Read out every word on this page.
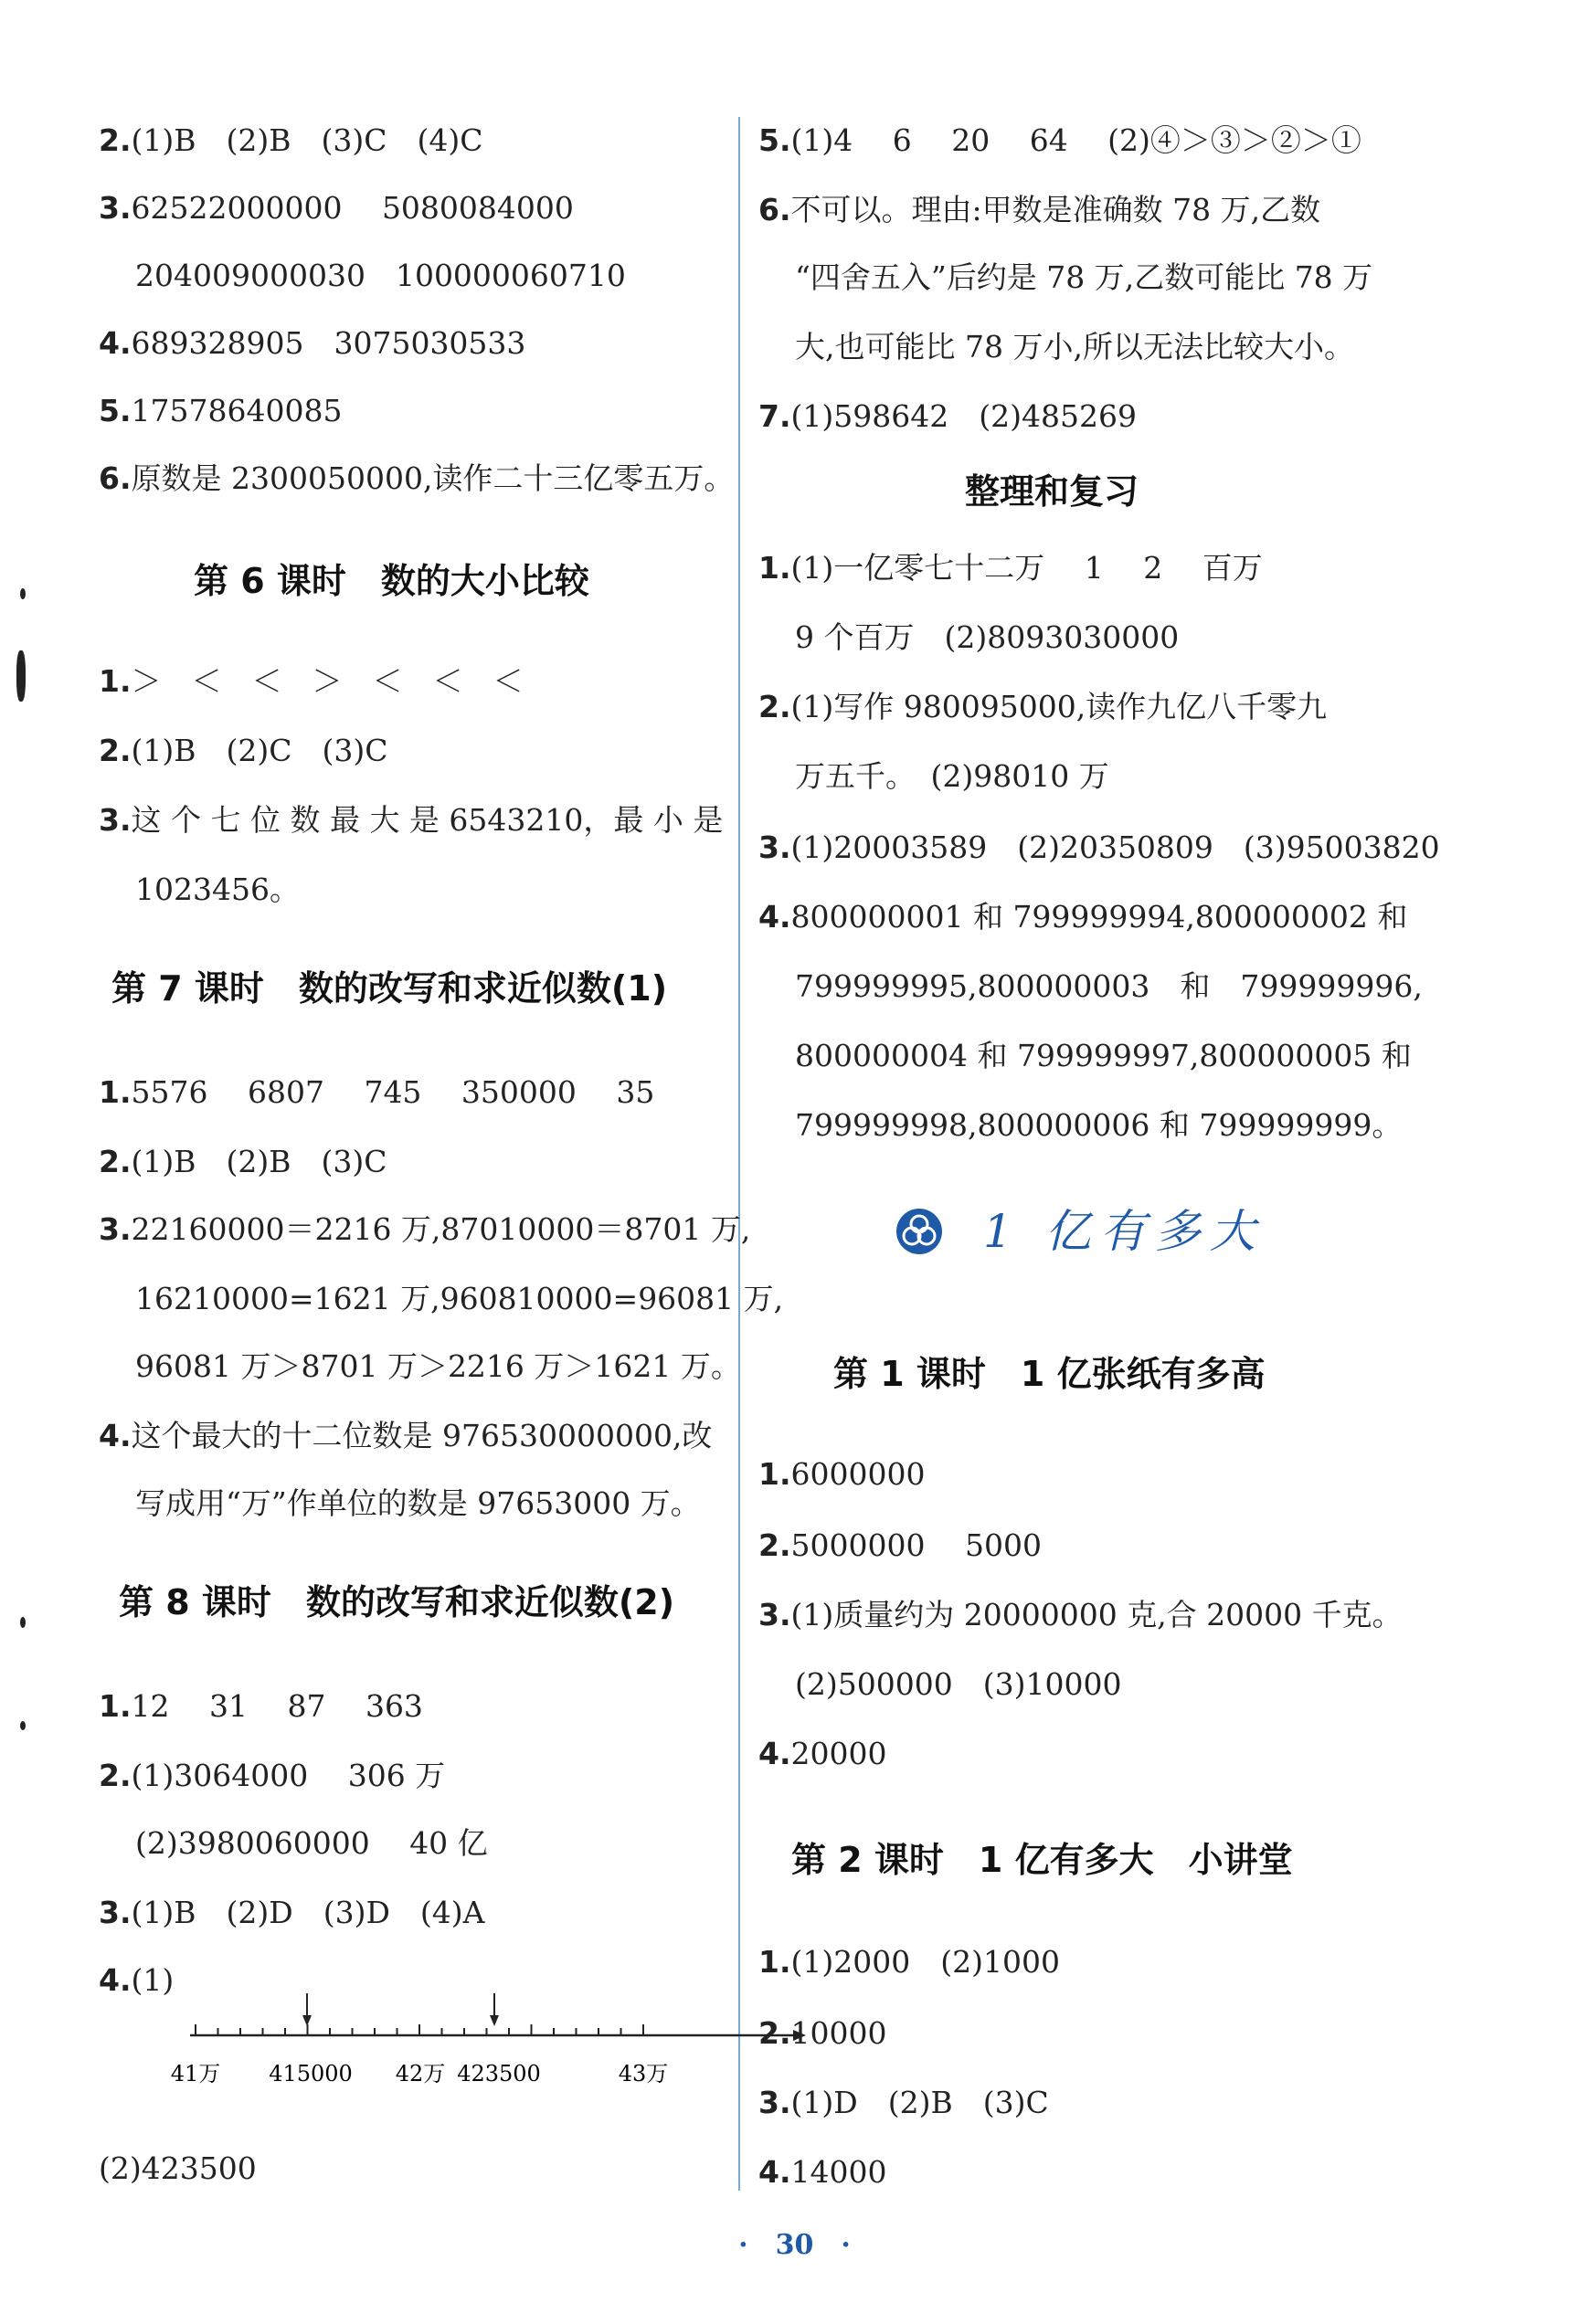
2.(1)B　(2)B　(3)C　(4)C
3.62522000000　 5080084000
204009000030　100000060710
4.689328905　3075030533
5.17578640085
6.原数是 2300050000,读作二十三亿零五万。
第 6 课时　数的大小比较
1.＞　＜　＜　＞　＜　＜　＜
2.(1)B　(2)C　(3)C
3.这 个 七 位 数 最 大 是 6543210，最 小 是
1023456。
第 7 课时　数的改写和求近似数(1)
1.5576　 6807　 745　 350000　 35
2.(1)B　(2)B　(3)C
3.22160000＝2216 万,87010000＝8701 万,
16210000=1621 万,960810000=96081 万,
96081 万＞8701 万＞2216 万＞1621 万。
4.这个最大的十二位数是 976530000000,改
写成用“万”作单位的数是 97653000 万。
第 8 课时　数的改写和求近似数(2)
1.12　 31　 87　 363
2.(1)3064000　 306 万
(2)3980060000　 40 亿
3.(1)B　(2)D　(3)D　(4)A
4.(1)
41万 415000 42万 423500	43万
(2)423500
5.(1)4　 6　 20　 64　 (2)④＞③＞②＞①
6.不可以。理由:甲数是准确数 78 万,乙数
“四舍五入”后约是 78 万,乙数可能比 78 万
大,也可能比 78 万小,所以无法比较大小。
7.(1)598642　(2)485269
整理和复习
1.(1)一亿零七十二万　 1　 2　 百万
9 个百万　(2)8093030000
2.(1)写作 980095000,读作九亿八千零九
万五千。　(2)98010 万
3.(1)20003589　(2)20350809　(3)95003820
4.800000001 和 799999994,800000002 和
799999995,800000003　和　799999996,
800000004 和 799999997,800000005 和
799999998,800000006 和 799999999。
1 亿有多大
第 1 课时　1 亿张纸有多高
1.6000000
2.5000000　 5000
3.(1)质量约为 20000000 克,合 20000 千克。
(2)500000　(3)10000
4.20000
第 2 课时　1 亿有多大　小讲堂
1.(1)2000　(2)1000
2.10000
3.(1)D　(2)B　(3)C
4.14000
·　30　·
